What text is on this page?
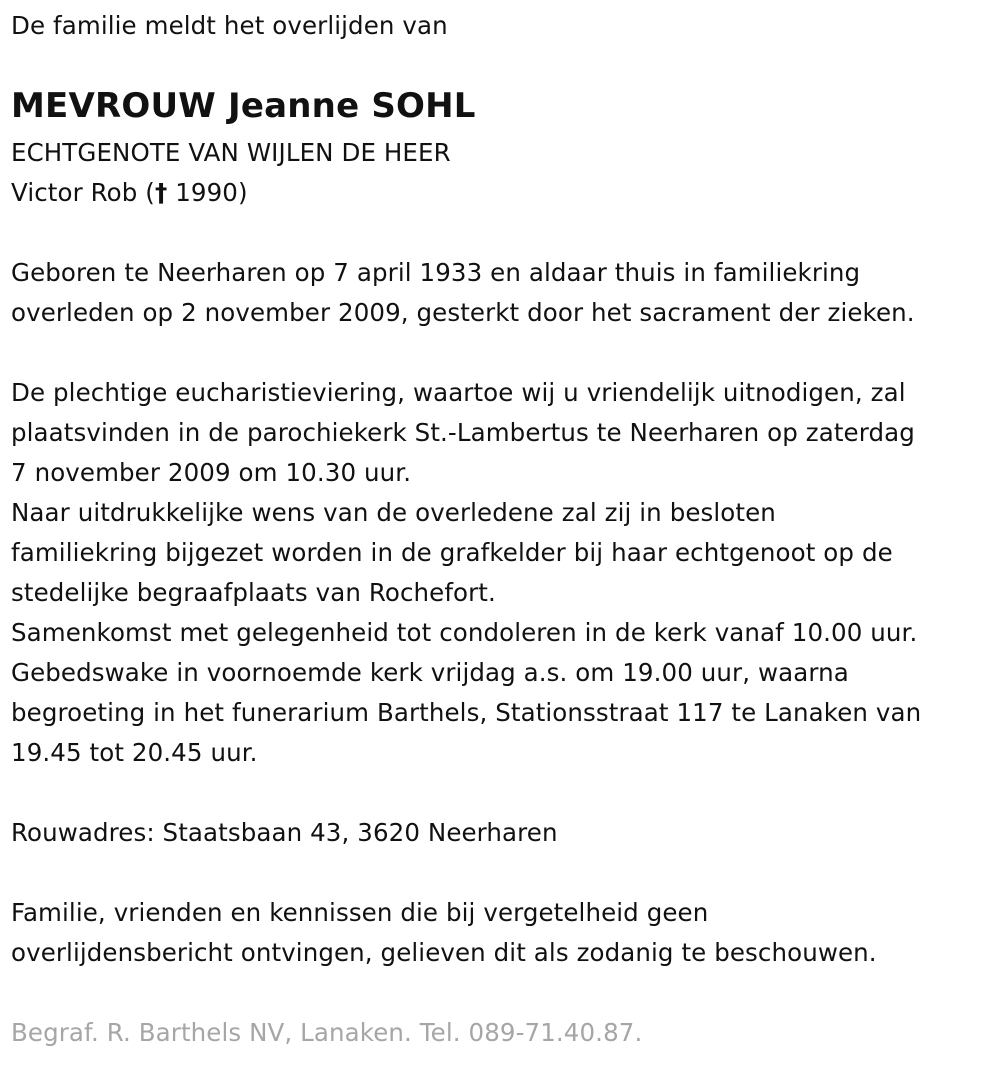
De familie meldt het overlijden van
MEVROUW Jeanne SOHL
ECHTGENOTE VAN WIJLEN DE HEER
Victor Rob († 1990)
Geboren te Neerharen op 7 april 1933 en aldaar thuis in familiekring
overleden op 2 november 2009, gesterkt door het sacrament der zieken.
De plechtige eucharistieviering, waartoe wij u vriendelijk uitnodigen, zal
plaatsvinden in de parochiekerk St.-Lambertus te Neerharen op zaterdag
7 november 2009 om 10.30 uur.
Naar uitdrukkelijke wens van de overledene zal zij in besloten
familiekring bijgezet worden in de grafkelder bij haar echtgenoot op de
stedelijke begraafplaats van Rochefort.
Samenkomst met gelegenheid tot condoleren in de kerk vanaf 10.00 uur.
Gebedswake in voornoemde kerk vrijdag a.s. om 19.00 uur, waarna
begroeting in het funerarium Barthels, Stationsstraat 117 te Lanaken van
19.45 tot 20.45 uur.
Rouwadres: Staatsbaan 43, 3620 Neerharen
Familie, vrienden en kennissen die bij vergetelheid geen
overlijdensbericht ontvingen, gelieven dit als zodanig te beschouwen.
Begraf. R. Barthels NV, Lanaken. Tel. 089-71.40.87.
